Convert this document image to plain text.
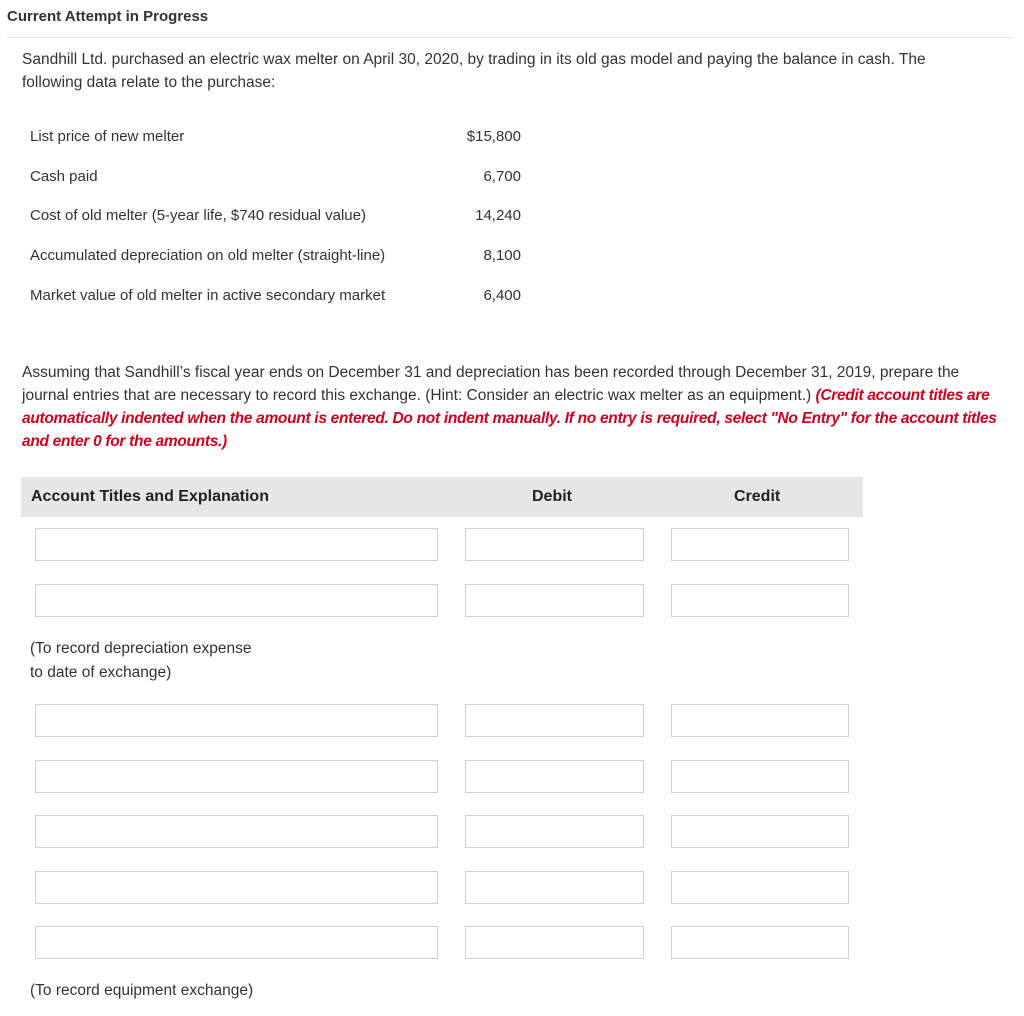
Current Attempt in Progress
Sandhill Ltd. purchased an electric wax melter on April 30, 2020, by trading in its old gas model and paying the balance in cash. The following data relate to the purchase:
List price of new melter	$15,800
Cash paid	6,700
Cost of old melter (5-year life, $740 residual value)	14,240
Accumulated depreciation on old melter (straight-line)	8,100
Market value of old melter in active secondary market	6,400
Assuming that Sandhill’s fiscal year ends on December 31 and depreciation has been recorded through December 31, 2019, prepare the journal entries that are necessary to record this exchange. (Hint: Consider an electric wax melter as an equipment.) (Credit account titles are automatically indented when the amount is entered. Do not indent manually. If no entry is required, select "No Entry" for the account titles and enter 0 for the amounts.)
Account Titles and Explanation	Debit	Credit
(To record depreciation expense
to date of exchange)
(To record equipment exchange)
